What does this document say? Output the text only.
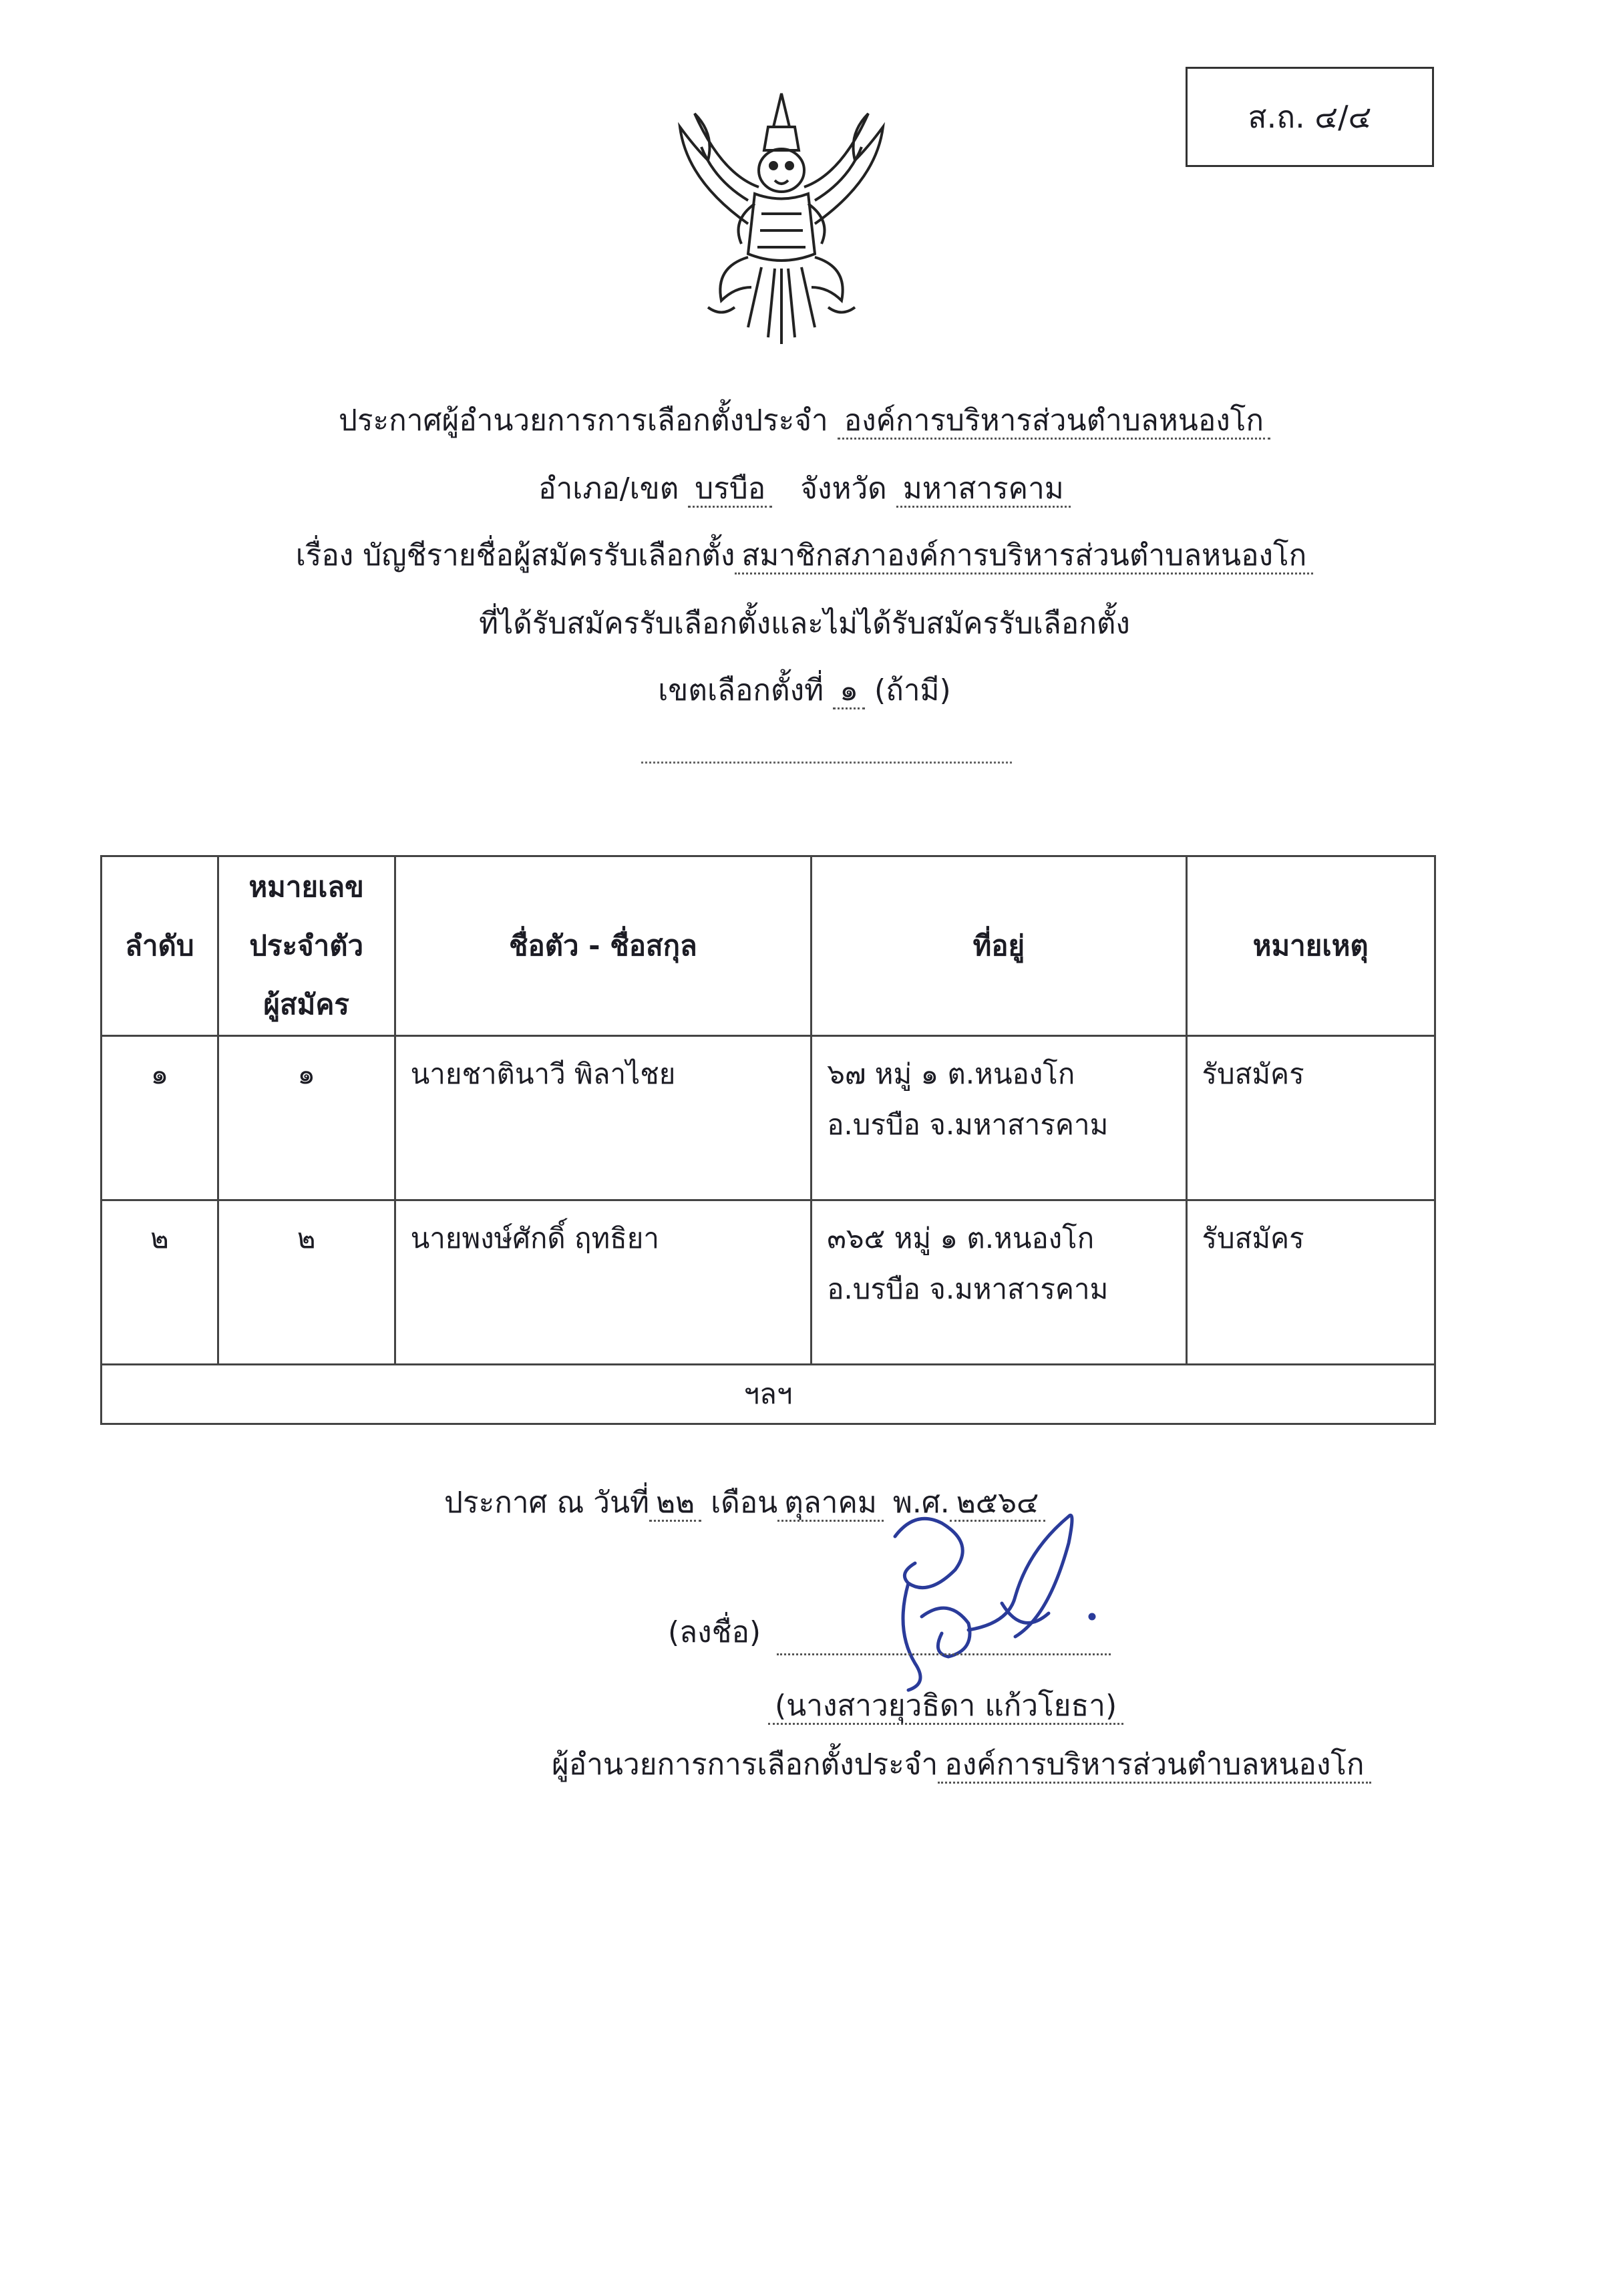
ส.ถ. ๔/๔
ประกาศผู้อำนวยการการเลือกตั้งประจำ องค์การบริหารส่วนตำบลหนองโก
อำเภอ/เขต บรบือ จังหวัด มหาสารคาม
เรื่อง บัญชีรายชื่อผู้สมัครรับเลือกตั้ง สมาชิกสภาองค์การบริหารส่วนตำบลหนองโก
ที่ได้รับสมัครรับเลือกตั้งและไม่ได้รับสมัครรับเลือกตั้ง
เขตเลือกตั้งที่ ๑ (ถ้ามี)
ลำดับ	หมายเลข
ประจำตัว
ผู้สมัคร	ชื่อตัว - ชื่อสกุล	ที่อยู่	หมายเหตุ
๑	๑	นายชาตินาวี พิลาไชย	๖๗ หมู่ ๑ ต.หนองโก
อ.บรบือ จ.มหาสารคาม	รับสมัคร
๒	๒	นายพงษ์ศักดิ์ ฤทธิยา	๓๖๕ หมู่ ๑ ต.หนองโก
อ.บรบือ จ.มหาสารคาม	รับสมัคร
ฯลฯ				
ประกาศ ณ วันที่ ๒๒ เดือน ตุลาคม พ.ศ. ๒๕๖๔
(ลงชื่อ)
(นางสาวยุวธิดา แก้วโยธา)
ผู้อำนวยการการเลือกตั้งประจำ องค์การบริหารส่วนตำบลหนองโก
